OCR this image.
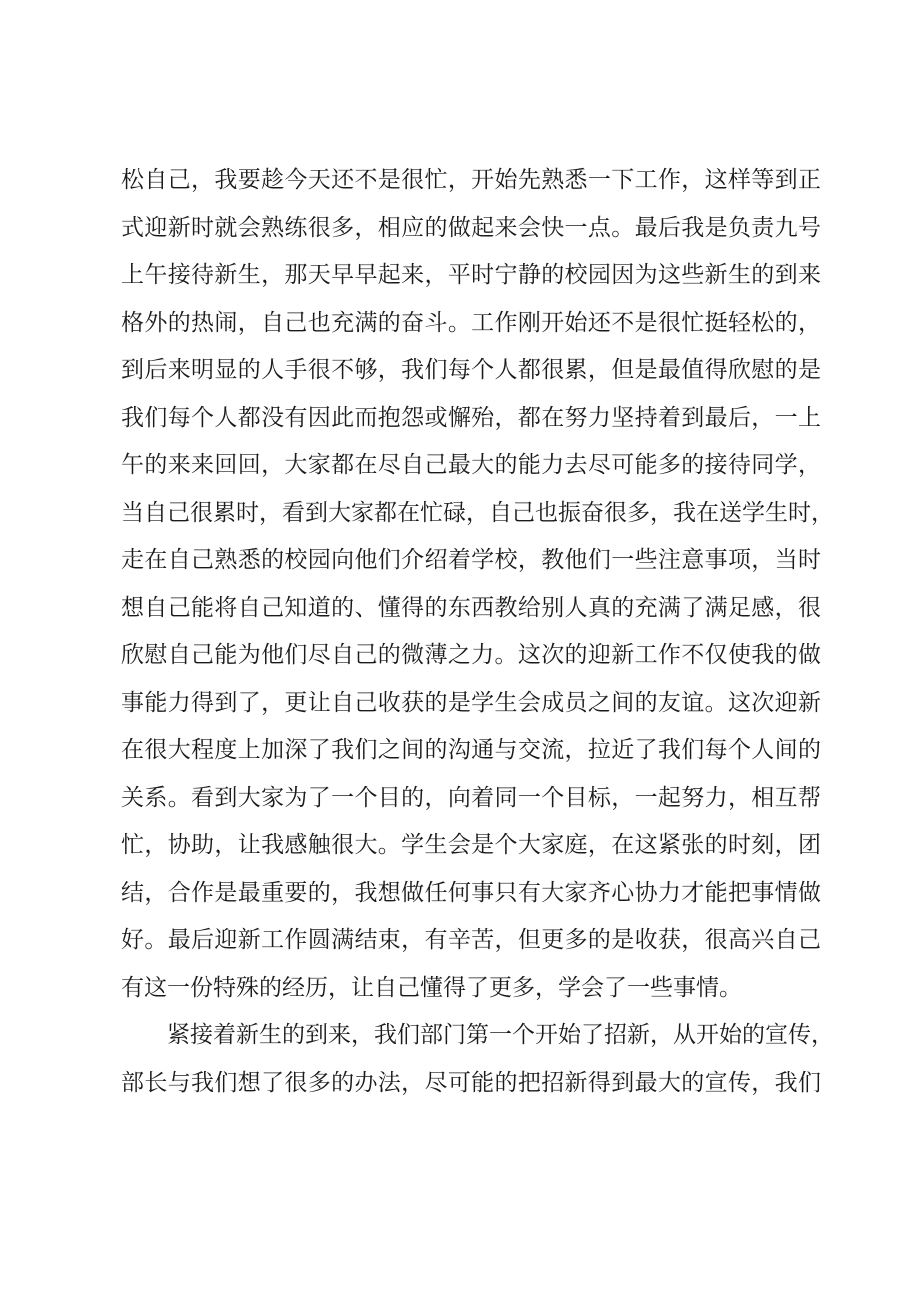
松自己，我要趁今天还不是很忙，开始先熟悉一下工作，这样等到正
式迎新时就会熟练很多，相应的做起来会快一点。最后我是负责九号
上午接待新生，那天早早起来，平时宁静的校园因为这些新生的到来
格外的热闹，自己也充满的奋斗。工作刚开始还不是很忙挺轻松的，
到后来明显的人手很不够，我们每个人都很累，但是最值得欣慰的是
我们每个人都没有因此而抱怨或懈殆，都在努力坚持着到最后，一上
午的来来回回，大家都在尽自己最大的能力去尽可能多的接待同学，
当自己很累时，看到大家都在忙碌，自己也振奋很多，我在送学生时，
走在自己熟悉的校园向他们介绍着学校，教他们一些注意事项，当时
想自己能将自己知道的、懂得的东西教给别人真的充满了满足感，很
欣慰自己能为他们尽自己的微薄之力。这次的迎新工作不仅使我的做
事能力得到了，更让自己收获的是学生会成员之间的友谊。这次迎新
在很大程度上加深了我们之间的沟通与交流，拉近了我们每个人间的
关系。看到大家为了一个目的，向着同一个目标，一起努力，相互帮
忙，协助，让我感触很大。学生会是个大家庭，在这紧张的时刻，团
结，合作是最重要的，我想做任何事只有大家齐心协力才能把事情做
好。最后迎新工作圆满结束，有辛苦，但更多的是收获，很高兴自己
有这一份特殊的经历，让自己懂得了更多，学会了一些事情。
紧接着新生的到来，我们部门第一个开始了招新，从开始的宣传，
部长与我们想了很多的办法，尽可能的把招新得到最大的宣传，我们
